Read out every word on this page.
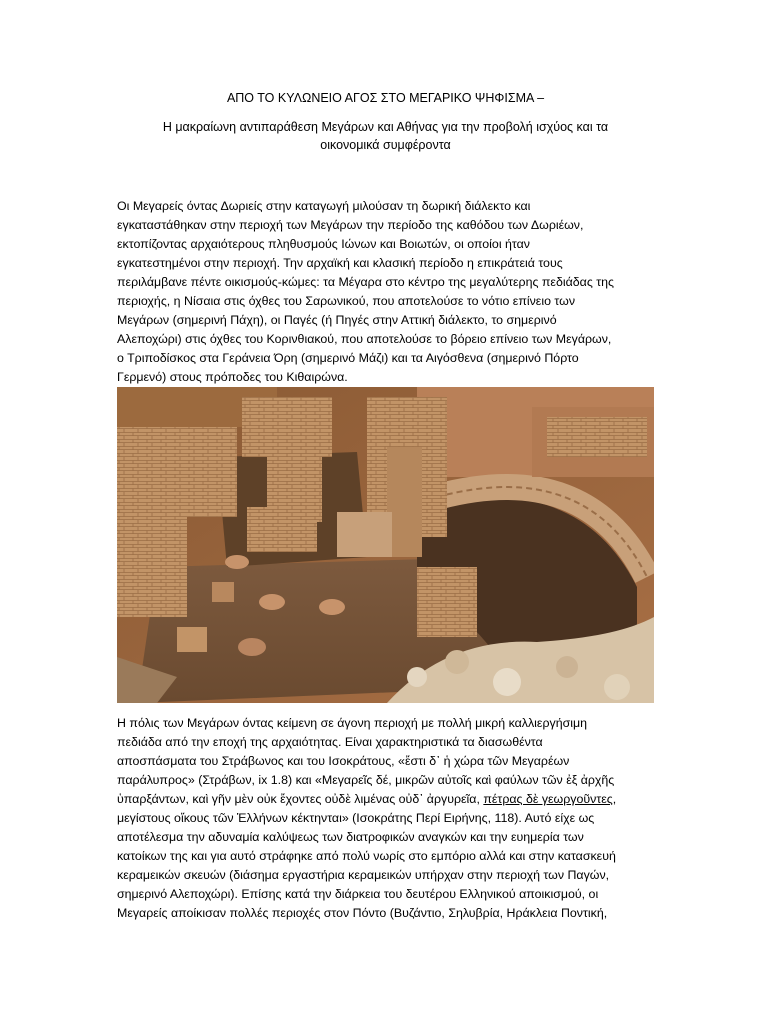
ΑΠΟ ΤΟ ΚΥΛΩΝΕΙΟ ΑΓΟΣ ΣΤΟ ΜΕΓΑΡΙΚΟ ΨΗΦΙΣΜΑ –
Η μακραίωνη αντιπαράθεση Μεγάρων και Αθήνας για την προβολή ισχύος και τα
οικονομικά συμφέροντα
Οι Μεγαρείς όντας Δωριείς στην καταγωγή μιλούσαν τη δωρική διάλεκτο και
εγκαταστάθηκαν στην περιοχή των Μεγάρων την περίοδο της καθόδου των Δωριέων,
εκτοπίζοντας αρχαιότερους πληθυσμούς Ιώνων και Βοιωτών, οι οποίοι ήταν
εγκατεστημένοι στην περιοχή. Την αρχαϊκή και κλασική περίοδο η επικράτειά τους
περιλάμβανε πέντε οικισμούς-κώμες: τα Μέγαρα στο κέντρο της μεγαλύτερης πεδιάδας της
περιοχής, η Νίσαια στις όχθες του Σαρωνικού, που αποτελούσε το νότιο επίνειο των
Μεγάρων (σημερινή Πάχη), οι Παγές (ή Πηγές στην Αττική διάλεκτο, το σημερινό
Αλεποχώρι) στις όχθες του Κορινθιακού, που αποτελούσε το βόρειο επίνειο των Μεγάρων,
ο Τριποδίσκος στα Γεράνεια Όρη (σημερινό Μάζι) και τα Αιγόσθενα (σημερινό Πόρτο
Γερμενό) στους πρόποδες του Κιθαιρώνα.
Η πόλις των Μεγάρων όντας κείμενη σε άγονη περιοχή με πολλή μικρή καλλιεργήσιμη
πεδιάδα από την εποχή της αρχαιότητας. Είναι χαρακτηριστικά τα διασωθέντα
αποσπάσματα του Στράβωνος και του Ισοκράτους, «ἔστι δ᾿ ἡ χώρα τῶν Μεγαρέων
παράλυπρος» (Στράβων, ix 1.8) και «Μεγαρεῖς δέ, μικρῶν αὐτοῖς καὶ φαύλων τῶν ἐξ ἀρχῆς
ὑπαρξάντων, καὶ γῆν μὲν οὐκ ἔχοντες οὐδὲ λιμένας οὐδ᾿ ἀργυρεῖα, πέτρας δὲ γεωργοῦντες,
μεγίστους οἴκους τῶν Ἑλλήνων κέκτηνται» (Ισοκράτης Περί Ειρήνης, 118). Αυτό είχε ως
αποτέλεσμα την αδυναμία καλύψεως των διατροφικών αναγκών και την ευημερία των
κατοίκων της και για αυτό στράφηκε από πολύ νωρίς στο εμπόριο αλλά και στην κατασκευή
κεραμεικών σκευών (διάσημα εργαστήρια κεραμεικών υπήρχαν στην περιοχή των Παγών,
σημερινό Αλεποχώρι). Επίσης κατά την διάρκεια του δευτέρου Ελληνικού αποικισμού, οι
Μεγαρείς αποίκισαν πολλές περιοχές στον Πόντο (Βυζάντιο, Σηλυβρία, Ηράκλεια Ποντική,
